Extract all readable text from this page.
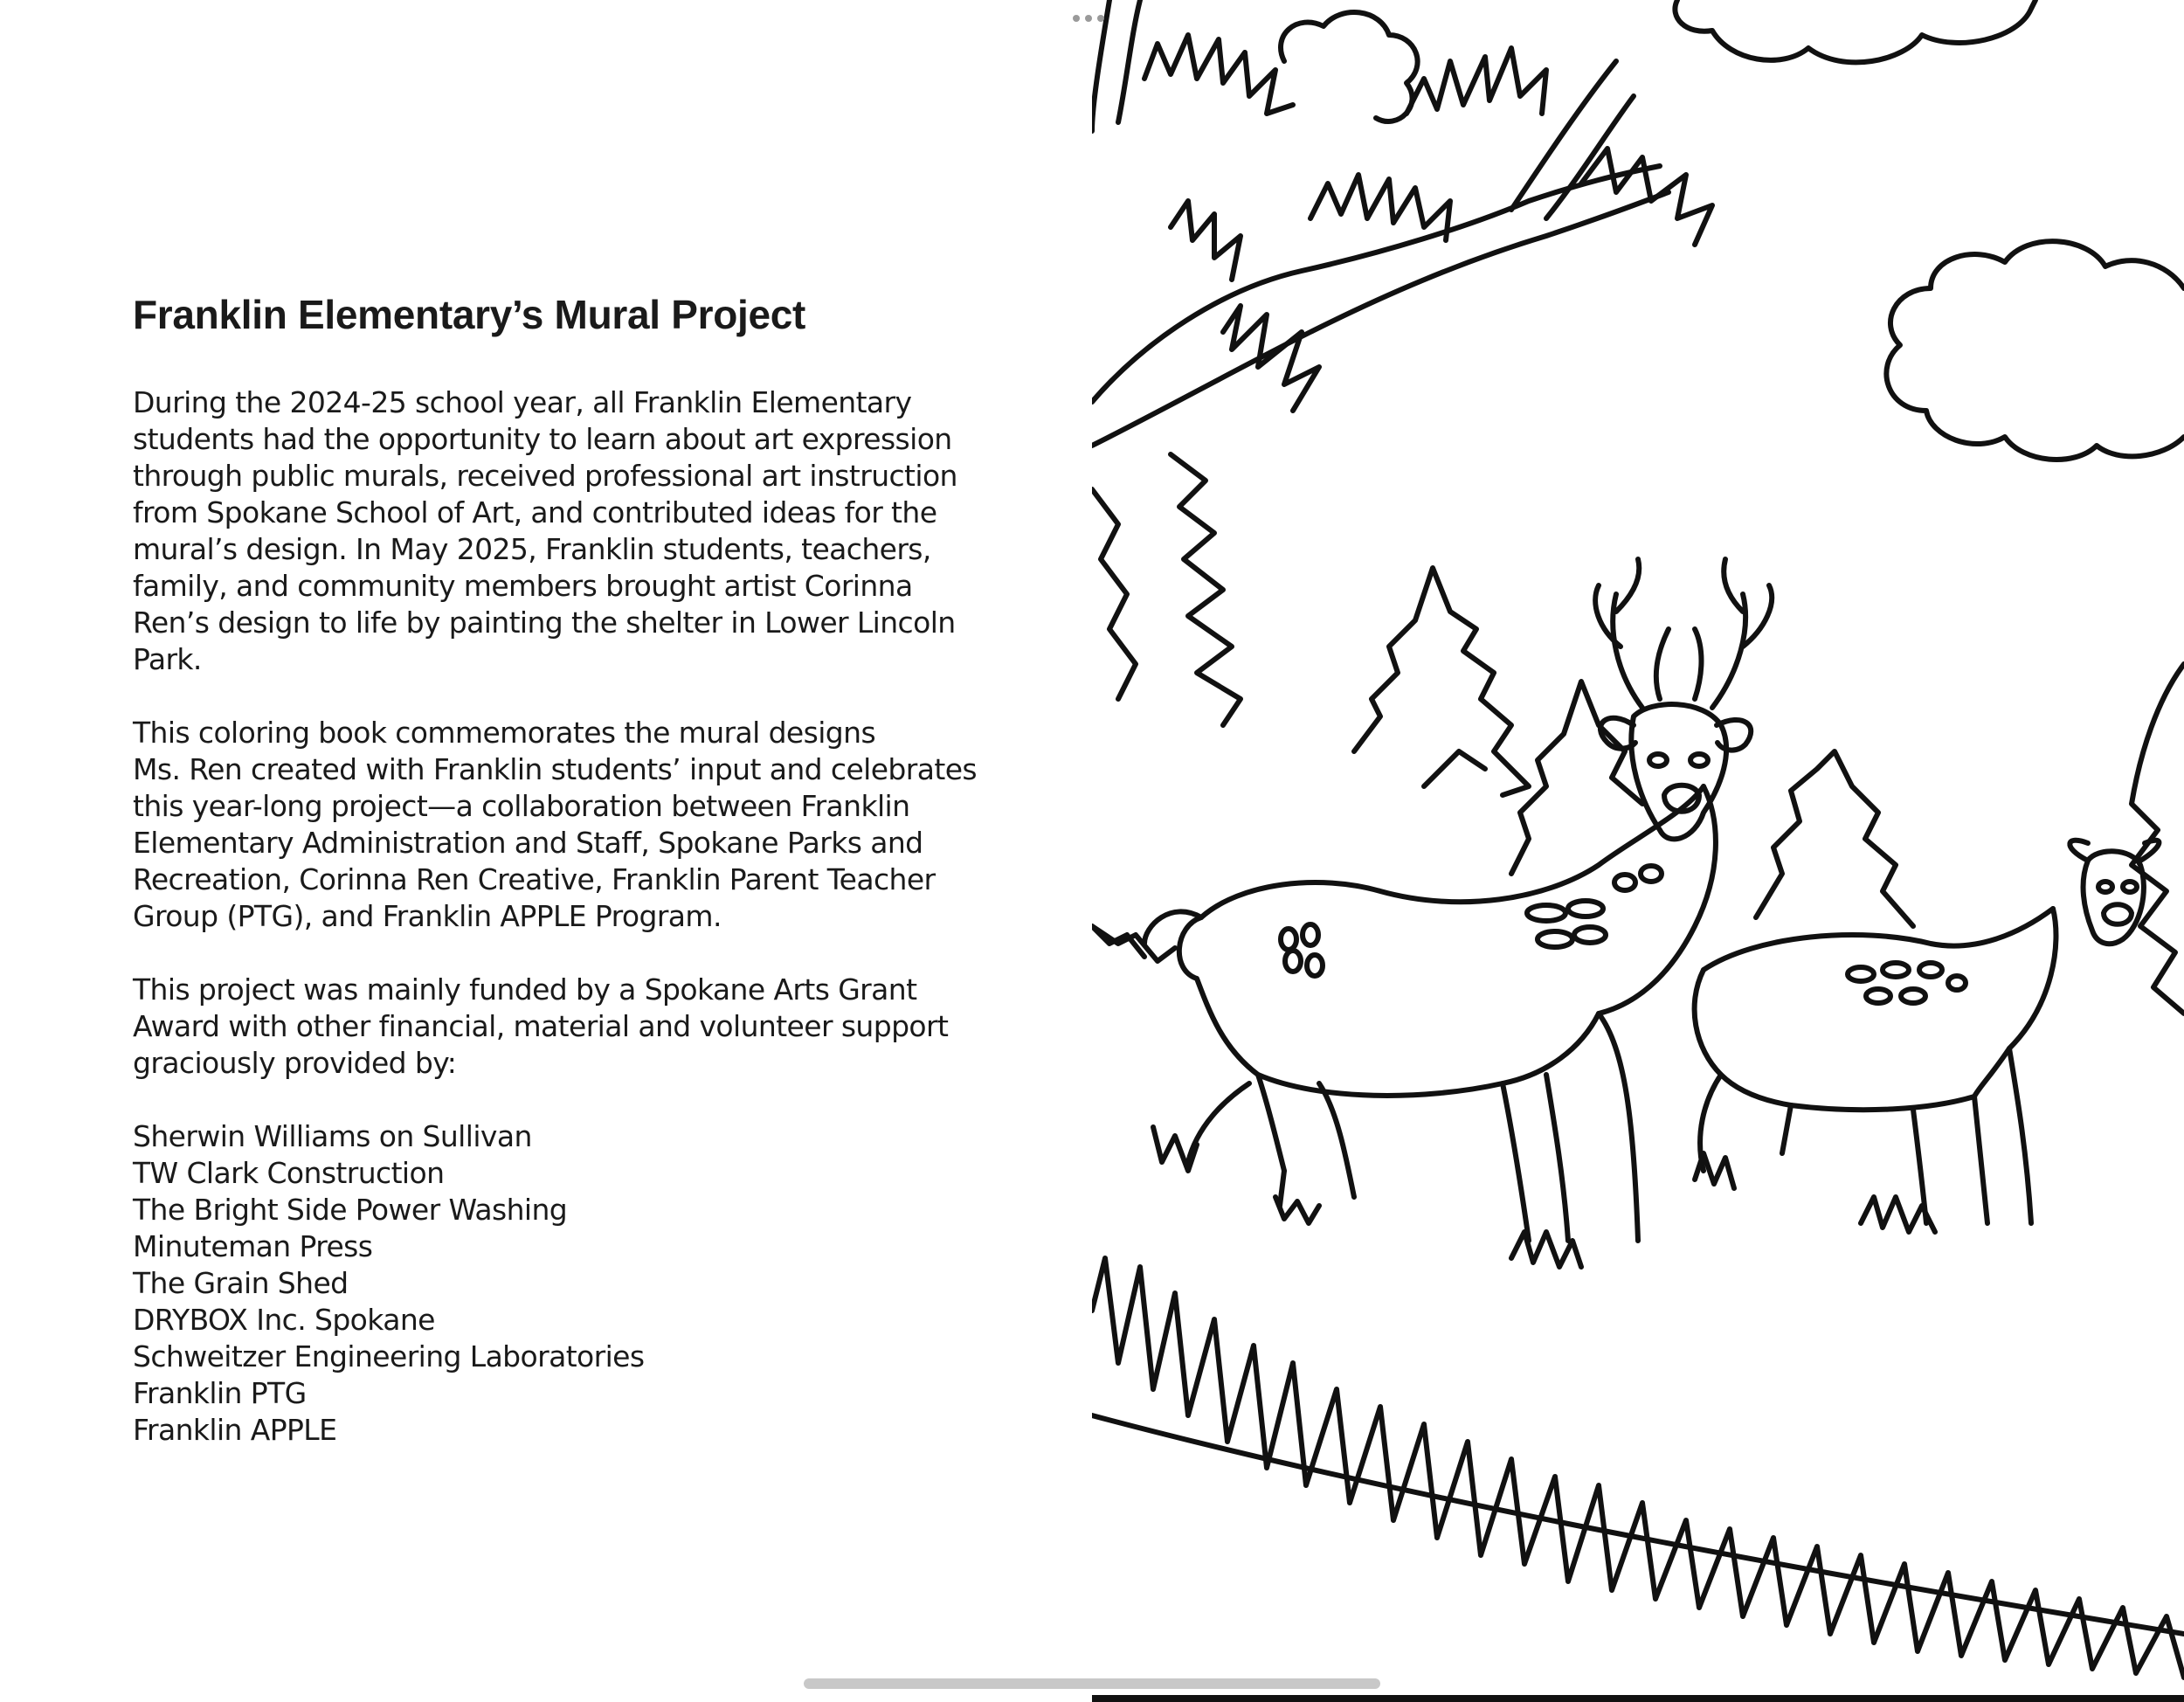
Franklin Elementary’s Mural Project
During the 2024-25 school year, all Franklin Elementary
students had the opportunity to learn about art expression
through public murals, received professional art instruction
from Spokane School of Art, and contributed ideas for the
mural’s design. In May 2025, Franklin students, teachers,
family, and community members brought artist Corinna
Ren’s design to life by painting the shelter in Lower Lincoln
Park.
This coloring book commemorates the mural designs
Ms. Ren created with Franklin students’ input and celebrates
this year-long project—a collaboration between Franklin
Elementary Administration and Staff, Spokane Parks and
Recreation, Corinna Ren Creative, Franklin Parent Teacher
Group (PTG), and Franklin APPLE Program.
This project was mainly funded by a Spokane Arts Grant
Award with other financial, material and volunteer support
graciously provided by:
Sherwin Williams on Sullivan
TW Clark Construction
The Bright Side Power Washing
Minuteman Press
The Grain Shed
DRYBOX Inc. Spokane
Schweitzer Engineering Laboratories
Franklin PTG
Franklin APPLE
